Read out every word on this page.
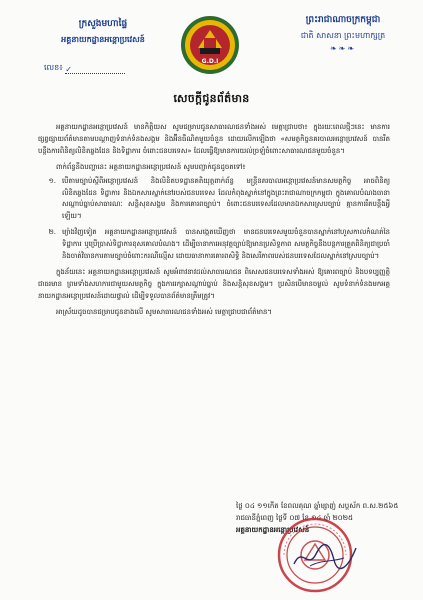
ក្រសួងមហាផ្ទៃ
អគ្គនាយកដ្ឋានអន្តោប្រវេសន៍
លេខ៖ ✓
G.D.I
ព្រះរាជាណាចក្រកម្ពុជា
ជាតិ សាសនា ព្រះមហាក្សត្រ
❧❧❧
សេចក្តីជូនព័ត៌មាន

អគ្គនាយកដ្ឋានអន្តោប្រវេសន៍ មានកិត្តិយស សូមជម្រាបជូនសាធារណជនទាំងអស់ មេត្តាជ្រាបថា៖ ក្នុងរយៈពេលថ្មីៗនេះ មានការផ្សព្វផ្សាយព័ត៌មានតាមបណ្តាញទំនាក់ទំនងសង្គម និងអ៊ីនធឺណិតមួយចំនួន ដោយលើកឡើងថា «សមត្ថកិច្ចនគរបាលអន្តោប្រវេសន៍ បានរឹតបន្តឹងការពិនិត្យលិខិតឆ្លងដែន និងទិដ្ឋាការ ចំពោះជនបរទេស» ដែលធ្វើឱ្យមានការយល់ច្រឡំចំពោះសាធារណជនមួយចំនួន។

ពាក់ព័ន្ធនឹងបញ្ហានេះ អគ្គនាយកដ្ឋានអន្តោប្រវេសន៍ សូមបញ្ជាក់ជូនដូចតទៅ៖

១. បើតាមច្បាប់ស្តីពីអន្តោប្រវេសន៍ និងលិខិតបទដ្ឋានគតិយុត្តពាក់ព័ន្ធ មន្ត្រីនគរបាលអន្តោប្រវេសន៍មានសមត្ថកិច្ច អាចពិនិត្យលិខិតឆ្លងដែន ទិដ្ឋាការ និងឯកសារស្នាក់នៅរបស់ជនបរទេស ដែលកំពុងស្នាក់នៅក្នុងព្រះរាជាណាចក្រកម្ពុជា ក្នុងគោលបំណងធានាសណ្តាប់ធ្នាប់សាធារណៈ សន្តិសុខសង្គម និងការគោរពច្បាប់។ ចំពោះជនបរទេសដែលមានឯកសារស្របច្បាប់ គ្មានការរឹតបន្តឹងអ្វីឡើយ។
២. ម្យ៉ាងវិញទៀត អគ្គនាយកដ្ឋានអន្តោប្រវេសន៍ បានសង្កេតឃើញថា មានជនបរទេសមួយចំនួនបានស្នាក់នៅហួសកាលកំណត់នៃទិដ្ឋាការ ឬប្រើប្រាស់ទិដ្ឋាការខុសគោលបំណង។ ដើម្បីធានាការអនុវត្តច្បាប់ឱ្យមានប្រសិទ្ធភាព សមត្ថកិច្ចនឹងបន្តការត្រួតពិនិត្យជាប្រចាំ និងចាត់វិធានការតាមច្បាប់ចំពោះករណីល្មើស ដោយធានាការគោរពសិទ្ធិ និងសេរីភាពរបស់ជនបរទេសដែលស្នាក់នៅស្របច្បាប់។

ក្នុងន័យនេះ អគ្គនាយកដ្ឋានអន្តោប្រវេសន៍ សូមអំពាវនាវដល់សាធារណជន ពិសេសជនបរទេសទាំងអស់ ឱ្យគោរពច្បាប់ និងបទប្បញ្ញត្តិជាធរមាន ព្រមទាំងសហការជាមួយសមត្ថកិច្ច ក្នុងការរក្សាសណ្តាប់ធ្នាប់ និងសន្តិសុខសង្គម។ ប្រសិនបើមានចម្ងល់ សូមទំនាក់ទំនងមកអគ្គនាយកដ្ឋានអន្តោប្រវេសន៍ដោយផ្ទាល់ ដើម្បីទទួលបានព័ត៌មានត្រឹមត្រូវ។

អាស្រ័យដូចបានជម្រាបជូនខាងលើ សូមសាធារណជនទាំងអស់ មេត្តាជ្រាបជាព័ត៌មាន។

ថ្ងៃ ០៤ ១១កើត ខែពលគុណ ឆ្នាំម្សាញ់ សប្តស័ក ព.ស.២៥៦៥
រាជធានីភ្នំពេញ ថ្ងៃទី ០៧ ខែ ១៤ ឆ្នាំ ២០២៥
អគ្គនាយកដ្ឋានអន្តោប្រវេសន៍
